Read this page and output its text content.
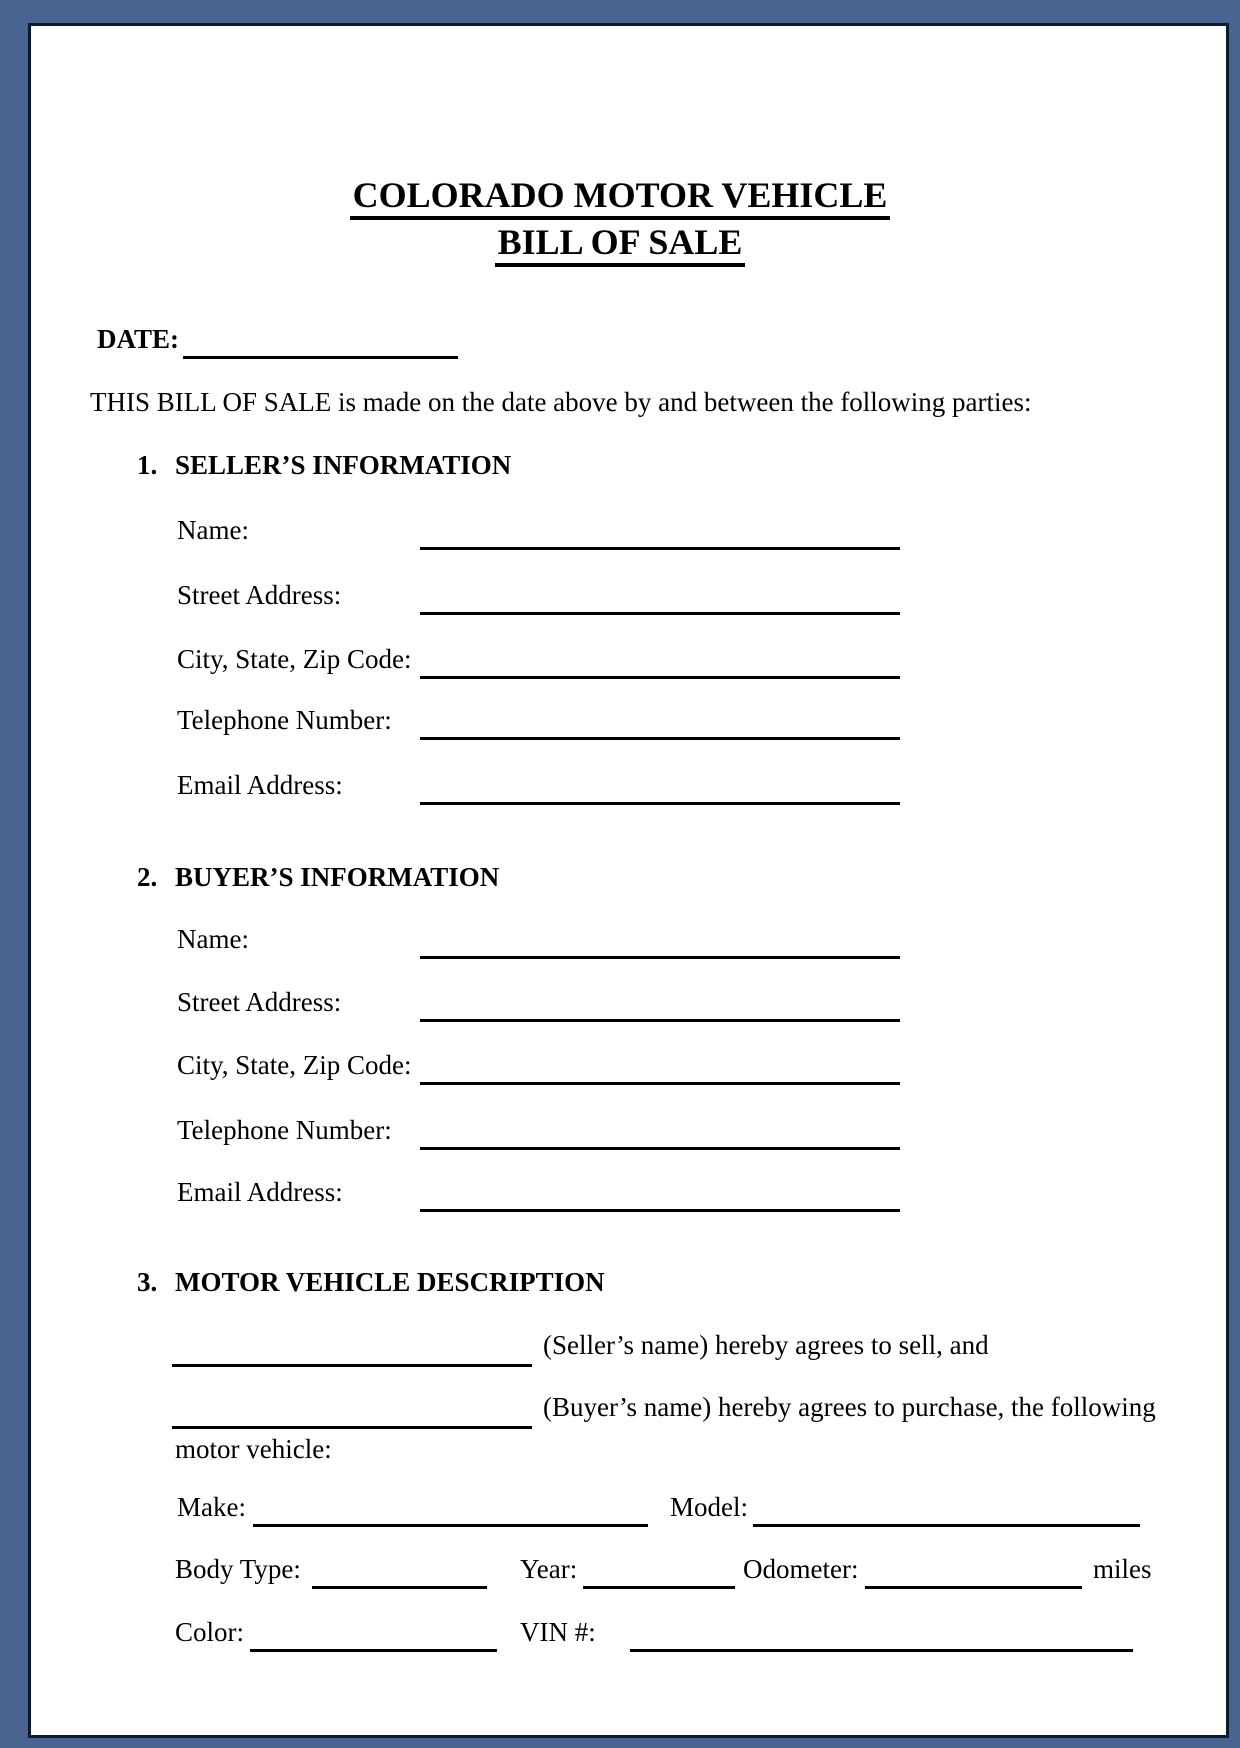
COLORADO MOTOR VEHICLE
BILL OF SALE
DATE:
THIS BILL OF SALE is made on the date above by and between the following parties:
1. SELLER’S INFORMATION
Name:
Street Address:
City, State, Zip Code:
Telephone Number:
Email Address:
2. BUYER’S INFORMATION
Name:
Street Address:
City, State, Zip Code:
Telephone Number:
Email Address:
3. MOTOR VEHICLE DESCRIPTION
(Seller’s name) hereby agrees to sell, and
(Buyer’s name) hereby agrees to purchase, the following
motor vehicle:
Make:	Model:
Body Type:	Year:	Odometer:	miles
Color:	VIN #:
